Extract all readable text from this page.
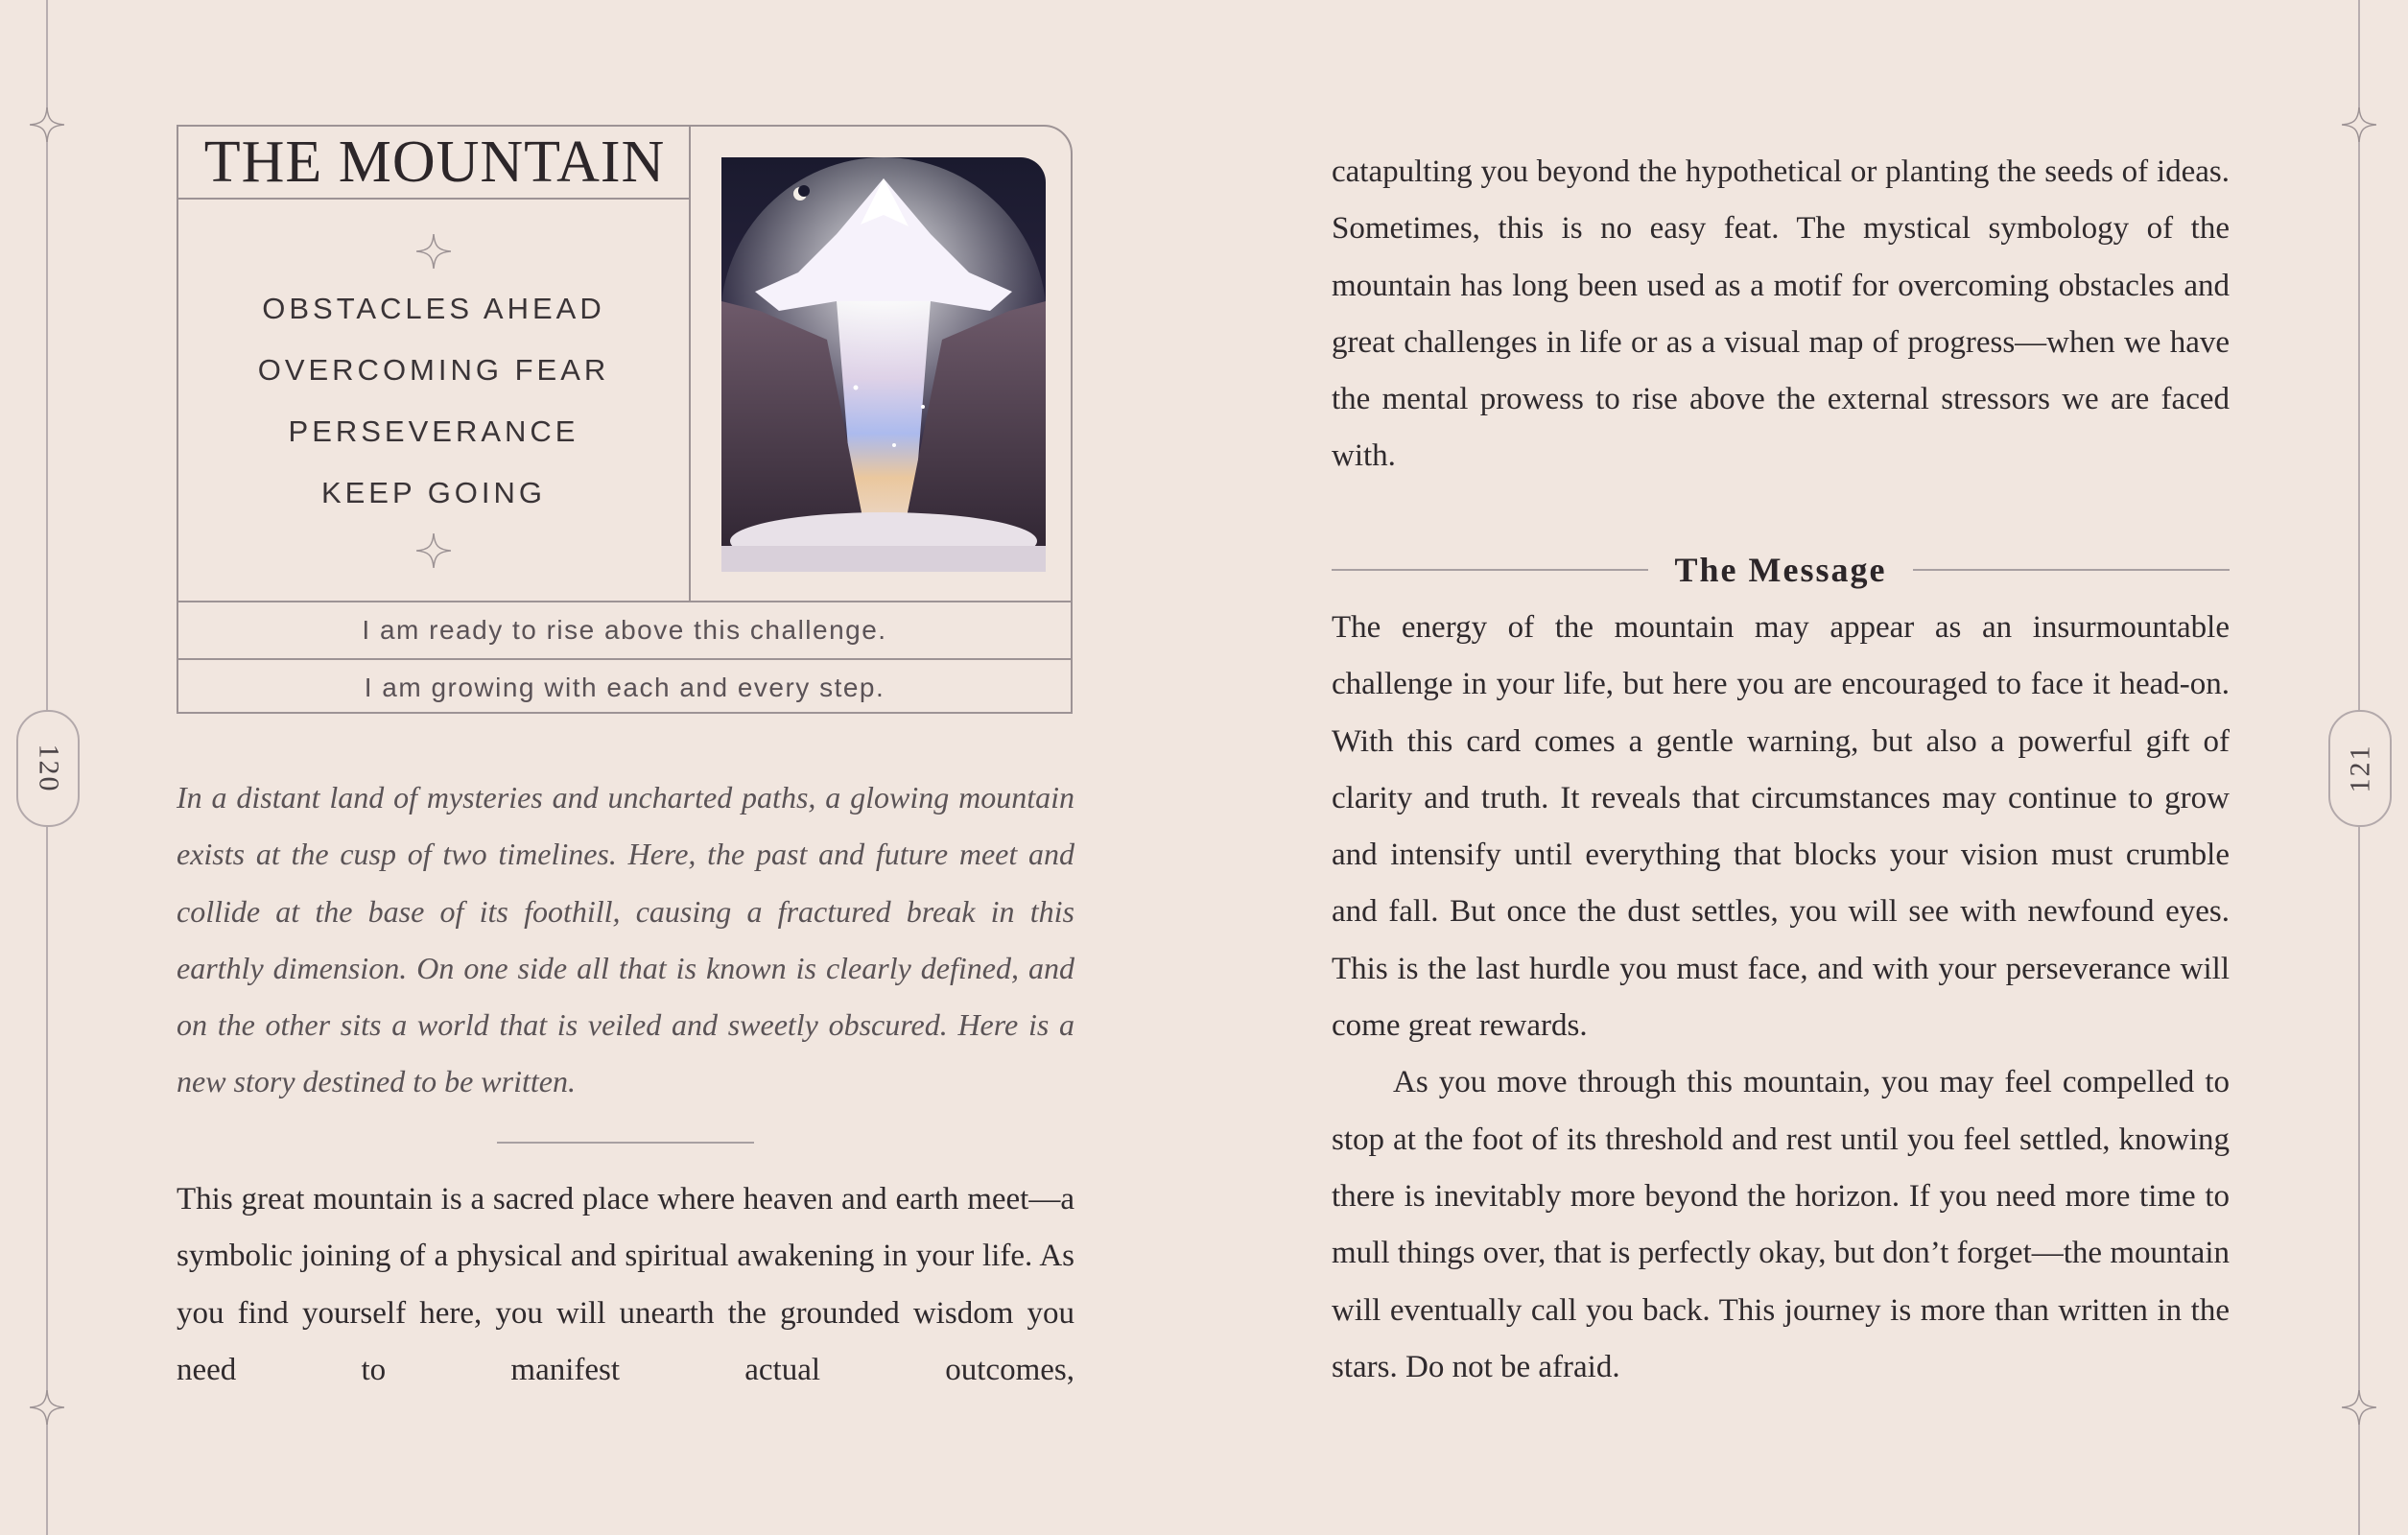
120	121
THE MOUNTAIN
OBSTACLES AHEAD
OVERCOMING FEAR
PERSEVERANCE
KEEP GOING
I am ready to rise above this challenge.
I am growing with each and every step.

In a distant land of mysteries and uncharted paths, a glowing mountain exists at the cusp of two timelines. Here, the past and future meet and collide at the base of its foothill, causing a fractured break in this earthly dimension. On one side all that is known is clearly defined, and on the other sits a world that is veiled and sweetly obscured. Here is a new story destined to be written.

This great mountain is a sacred place where heaven and earth meet—a symbolic joining of a physical and spiritual awakening in your life. As you find yourself here, you will unearth the grounded wisdom you need to manifest actual outcomes,

catapulting you beyond the hypothetical or planting the seeds of ideas. Sometimes, this is no easy feat. The mystical symbology of the mountain has long been used as a motif for overcoming obstacles and great challenges in life or as a visual map of progress—when we have the mental prowess to rise above the external stressors we are faced with.

The Message

The energy of the mountain may appear as an insurmountable challenge in your life, but here you are encouraged to face it head-on. With this card comes a gentle warning, but also a powerful gift of clarity and truth. It reveals that circumstances may continue to grow and intensify until everything that blocks your vision must crumble and fall. But once the dust settles, you will see with newfound eyes. This is the last hurdle you must face, and with your perseverance will come great rewards.

As you move through this mountain, you may feel compelled to stop at the foot of its threshold and rest until you feel settled, knowing there is inevitably more beyond the horizon. If you need more time to mull things over, that is perfectly okay, but don’t forget—the mountain will eventually call you back. This journey is more than written in the stars. Do not be afraid.
